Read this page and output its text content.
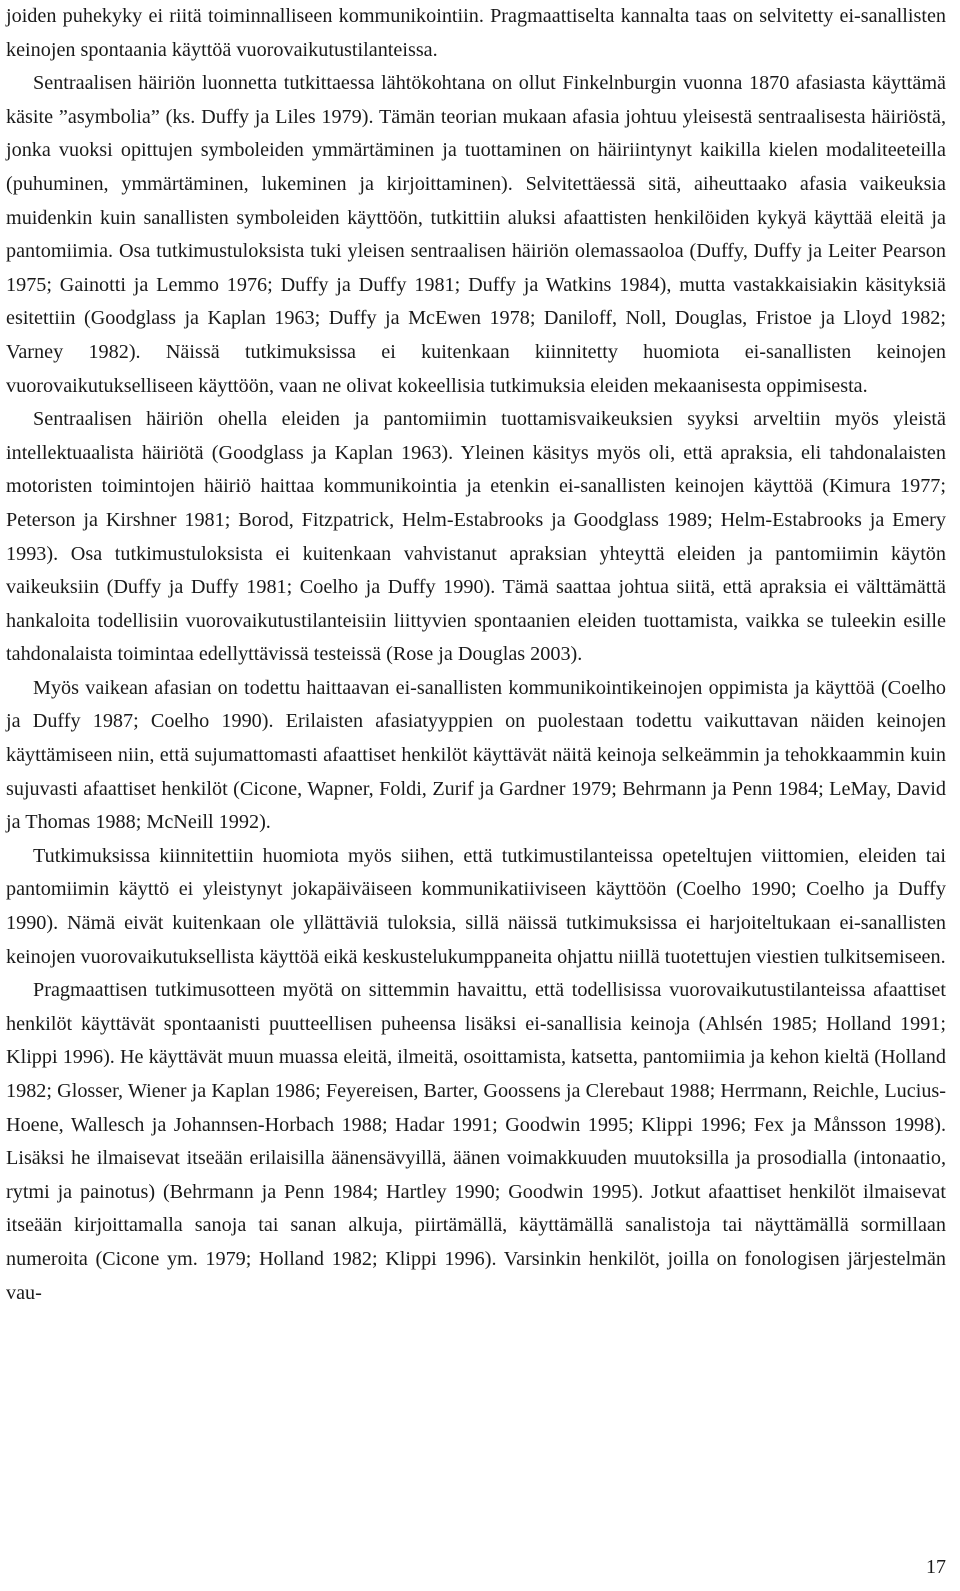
joiden puhekyky ei riitä toiminnalliseen kommunikointiin. Pragmaattiselta kannalta taas on selvitetty ei-sanallisten keinojen spontaania käyttöä vuorovaikutustilanteissa.

Sentraalisen häiriön luonnetta tutkittaessa lähtökohtana on ollut Finkelnburgin vuonna 1870 afasiasta käyttämä käsite ”asymbolia” (ks. Duffy ja Liles 1979). Tämän teorian mukaan afasia johtuu yleisestä sentraalisesta häiriöstä, jonka vuoksi opittujen symboleiden ymmärtäminen ja tuottaminen on häiriintynyt kaikilla kielen modaliteeteilla (puhuminen, ymmärtäminen, lukeminen ja kirjoittaminen). Selvitettäessä sitä, aiheuttaako afasia vaikeuksia muidenkin kuin sanallisten symboleiden käyttöön, tutkittiin aluksi afaattisten henkilöiden kykyä käyttää eleitä ja pantomiimia. Osa tutkimustuloksista tuki yleisen sentraalisen häiriön olemassaoloa (Duffy, Duffy ja Leiter Pearson 1975; Gainotti ja Lemmo 1976; Duffy ja Duffy 1981; Duffy ja Watkins 1984), mutta vastakkaisiakin käsityksiä esitettiin (Goodglass ja Kaplan 1963; Duffy ja McEwen 1978; Daniloff, Noll, Douglas, Fristoe ja Lloyd 1982; Varney 1982). Näissä tutkimuksissa ei kuitenkaan kiinnitetty huomiota ei-sanallisten keinojen vuorovaikutukselliseen käyttöön, vaan ne olivat kokeellisia tutkimuksia eleiden mekaanisesta oppimisesta.

Sentraalisen häiriön ohella eleiden ja pantomiimin tuottamisvaikeuksien syyksi arveltiin myös yleistä intellektuaalista häiriötä (Goodglass ja Kaplan 1963). Yleinen käsitys myös oli, että apraksia, eli tahdonalaisten motoristen toimintojen häiriö haittaa kommunikointia ja etenkin ei-sanallisten keinojen käyttöä (Kimura 1977; Peterson ja Kirshner 1981; Borod, Fitzpatrick, Helm-Estabrooks ja Goodglass 1989; Helm-Estabrooks ja Emery 1993). Osa tutkimustuloksista ei kuitenkaan vahvistanut apraksian yhteyttä eleiden ja pantomiimin käytön vaikeuksiin (Duffy ja Duffy 1981; Coelho ja Duffy 1990). Tämä saattaa johtua siitä, että apraksia ei välttämättä hankaloita todellisiin vuorovaikutustilanteisiin liittyvien spontaanien eleiden tuottamista, vaikka se tuleekin esille tahdonalaista toimintaa edellyttävissä testeissä (Rose ja Douglas 2003).

Myös vaikean afasian on todettu haittaavan ei-sanallisten kommunikointikeinojen oppimista ja käyttöä (Coelho ja Duffy 1987; Coelho 1990). Erilaisten afasiatyyppien on puolestaan todettu vaikuttavan näiden keinojen käyttämiseen niin, että sujumattomasti afaattiset henkilöt käyttävät näitä keinoja selkeämmin ja tehokkaammin kuin sujuvasti afaattiset henkilöt (Cicone, Wapner, Foldi, Zurif ja Gardner 1979; Behrmann ja Penn 1984; LeMay, David ja Thomas 1988; McNeill 1992).

Tutkimuksissa kiinnitettiin huomiota myös siihen, että tutkimustilanteissa opeteltujen viittomien, eleiden tai pantomiimin käyttö ei yleistynyt jokapäiväiseen kommunikatiiviseen käyttöön (Coelho 1990; Coelho ja Duffy 1990). Nämä eivät kuitenkaan ole yllättäviä tuloksia, sillä näissä tutkimuksissa ei harjoiteltukaan ei-sanallisten keinojen vuorovaikutuksellista käyttöä eikä keskustelukumppaneita ohjattu niillä tuotettujen viestien tulkitsemiseen.

Pragmaattisen tutkimusotteen myötä on sittemmin havaittu, että todellisissa vuorovaikutustilanteissa afaattiset henkilöt käyttävät spontaanisti puutteellisen puheensa lisäksi ei-sanallisia keinoja (Ahlsén 1985; Holland 1991; Klippi 1996). He käyttävät muun muassa eleitä, ilmeitä, osoittamista, katsetta, pantomiimia ja kehon kieltä (Holland 1982; Glosser, Wiener ja Kaplan 1986; Feyereisen, Barter, Goossens ja Clerebaut 1988; Herrmann, Reichle, Lucius-Hoene, Wallesch ja Johannsen-Horbach 1988; Hadar 1991; Goodwin 1995; Klippi 1996; Fex ja Månsson 1998). Lisäksi he ilmaisevat itseään erilaisilla äänensävyillä, äänen voimakkuuden muutoksilla ja prosodialla (intonaatio, rytmi ja painotus) (Behrmann ja Penn 1984; Hartley 1990; Goodwin 1995). Jotkut afaattiset henkilöt ilmaisevat itseään kirjoittamalla sanoja tai sanan alkuja, piirtämällä, käyttämällä sanalistoja tai näyttämällä sormillaan numeroita (Cicone ym. 1979; Holland 1982; Klippi 1996). Varsinkin henkilöt, joilla on fonologisen järjestelmän vau-

17
